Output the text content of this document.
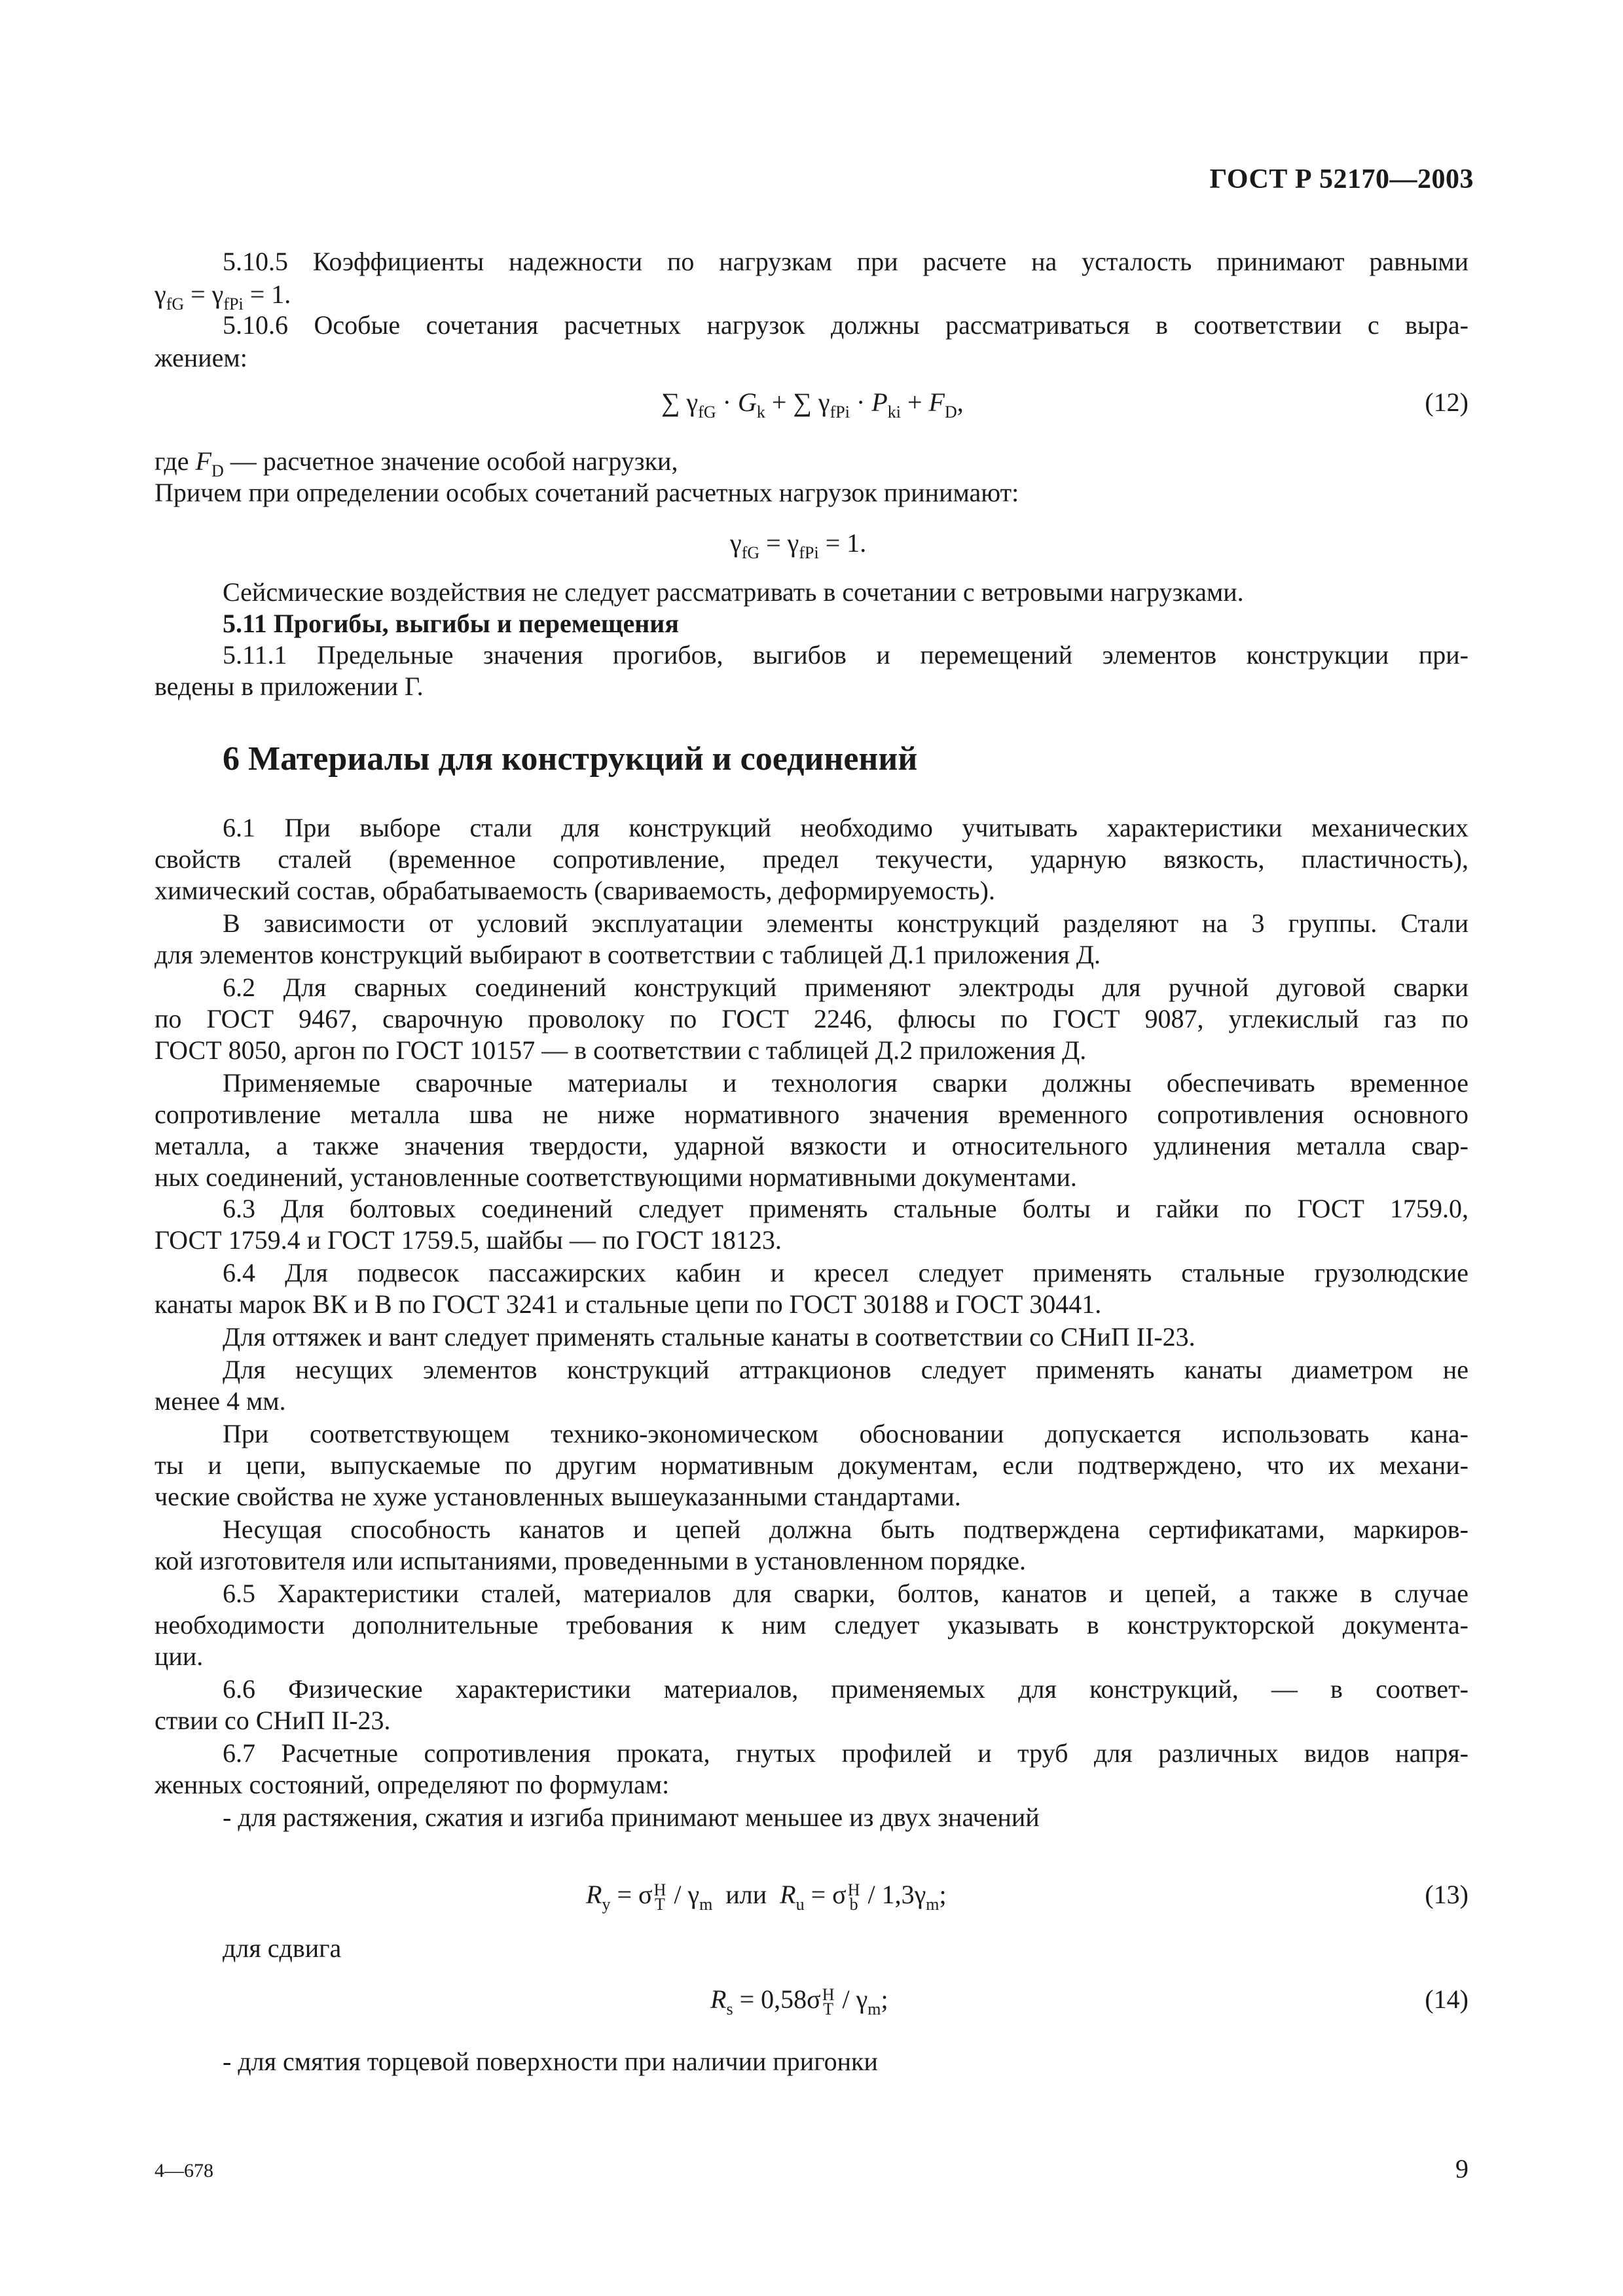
ГОСТ Р 52170—2003
5.10.5 Коэффициенты надежности по нагрузкам при расчете на усталость принимают равными
$\gamma_{fG} = \gamma_{fPi} = 1$.
5.10.6 Особые сочетания расчетных нагрузок должны рассматриваться в соответствии с выра-
жением:
∑ $\gamma_{fG} \cdot G_k$ + ∑ $\gamma_{fPi} \cdot P_{ki} + F_D$,	(12)
где $F_D$ — расчетное значение особой нагрузки,
Причем при определении особых сочетаний расчетных нагрузок принимают:
$\gamma_{fG} = \gamma_{fPi} = 1$.
Сейсмические воздействия не следует рассматривать в сочетании с ветровыми нагрузками.
5.11 Прогибы, выгибы и перемещения
5.11.1 Предельные значения прогибов, выгибов и перемещений элементов конструкции при-
ведены в приложении Г.
6 Материалы для конструкций и соединений
6.1 При выборе стали для конструкций необходимо учитывать характеристики механических
свойств сталей (временное сопротивление, предел текучести, ударную вязкость, пластичность),
химический состав, обрабатываемость (свариваемость, деформируемость).
В зависимости от условий эксплуатации элементы конструкций разделяют на 3 группы. Стали
для элементов конструкций выбирают в соответствии с таблицей Д.1 приложения Д.
6.2 Для сварных соединений конструкций применяют электроды для ручной дуговой сварки
по ГОСТ 9467, сварочную проволоку по ГОСТ 2246, флюсы по ГОСТ 9087, углекислый газ по
ГОСТ 8050, аргон по ГОСТ 10157 — в соответствии с таблицей Д.2 приложения Д.
Применяемые сварочные материалы и технология сварки должны обеспечивать временное
сопротивление металла шва не ниже нормативного значения временного сопротивления основного
металла, а также значения твердости, ударной вязкости и относительного удлинения металла свар-
ных соединений, установленные соответствующими нормативными документами.
6.3 Для болтовых соединений следует применять стальные болты и гайки по ГОСТ 1759.0,
ГОСТ 1759.4 и ГОСТ 1759.5, шайбы — по ГОСТ 18123.
6.4 Для подвесок пассажирских кабин и кресел следует применять стальные грузолюдские
канаты марок ВК и В по ГОСТ 3241 и стальные цепи по ГОСТ 30188 и ГОСТ 30441.
Для оттяжек и вант следует применять стальные канаты в соответствии со СНиП II-23.
Для несущих элементов конструкций аттракционов следует применять канаты диаметром не
менее 4 мм.
При соответствующем технико-экономическом обосновании допускается использовать кана-
ты и цепи, выпускаемые по другим нормативным документам, если подтверждено, что их механи-
ческие свойства не хуже установленных вышеуказанными стандартами.
Несущая способность канатов и цепей должна быть подтверждена сертификатами, маркиров-
кой изготовителя или испытаниями, проведенными в установленном порядке.
6.5 Характеристики сталей, материалов для сварки, болтов, канатов и цепей, а также в случае
необходимости дополнительные требования к ним следует указывать в конструкторской документа-
ции.
6.6 Физические характеристики материалов, применяемых для конструкций, — в соответ-
ствии со СНиП II-23.
6.7 Расчетные сопротивления проката, гнутых профилей и труб для различных видов напря-
женных состояний, определяют по формулам:
- для растяжения, сжатия и изгиба принимают меньшее из двух значений
$R_y = \sigma$ Н
Т / $\gamma_m$  или  $R_u = \sigma$ Н
b / $1,3\gamma_m$;	(13)
для сдвига
$R_s = 0,58\sigma$ Н
Т / $\gamma_m$;	(14)
- для смятия торцевой поверхности при наличии пригонки
4—678	9
